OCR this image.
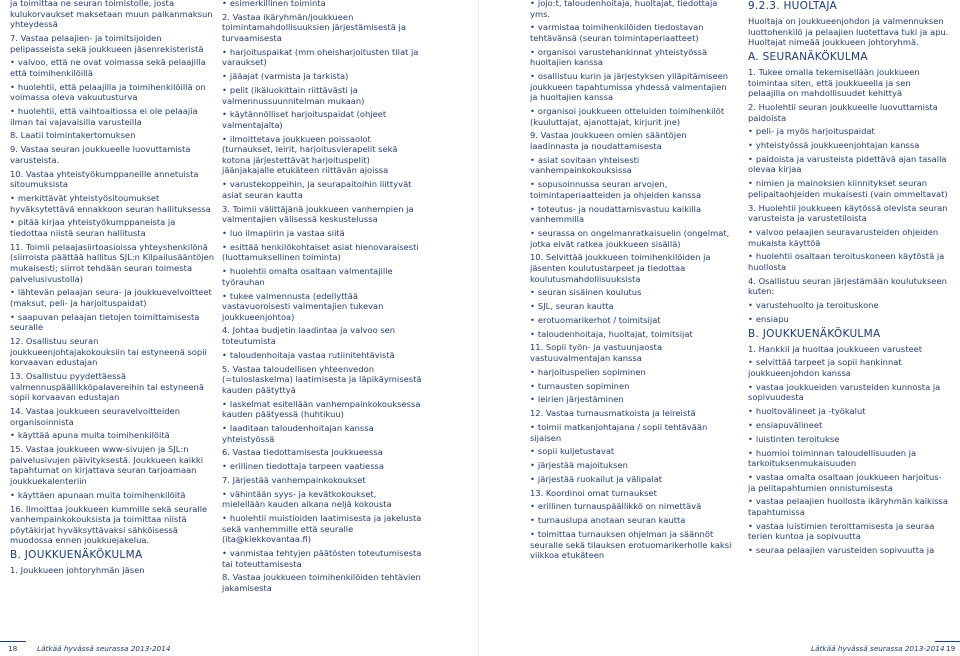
ja toimittaa ne seuran toimistolle, josta kulukorvaukset maksetaan muun palkanmaksun yhteydessä

7. Vastaa pelaajien- ja toimitsijoiden pelipasseista sekä joukkueen jäsenrekisteristä

• valvoo, että ne ovat voimassa sekä pelaajilla että toimihenkilöillä

• huolehtii, että pelaajilla ja toimihenkilöillä on voimassa oleva vakuutusturva

• huolehtii, että vaihtoaitiossa ei ole pelaajia ilman tai vajavaisilla varusteilla

8. Laatii toimintakertomuksen

9. Vastaa seuran joukkueelle luovuttamista varusteista.

10. Vastaa yhteistyökumppaneille annetuista sitoumuksista

• merkittävät yhteistyösitoumukset hyväksytettävä ennakkoon seuran hallituksessa

• pitää kirjaa yhteistyökumppaneista ja tiedottaa niistä seuran hallitusta

11. Toimii pelaajasiirtoasioissa yhteyshenkilönä (siirroista päättää hallitus SJL:n Kilpailusääntöjen mukaisesti; siirrot tehdään seuran toimesta palvelusivustolla)

• lähtevän pelaajan seura- ja joukkuevelvoitteet (maksut, peli- ja harjoituspaidat)

• saapuvan pelaajan tietojen toimittamisesta seuralle

12. Osallistuu seuran joukkueenjohtajakokouksiin tai estyneenä sopii korvaavan edustajan

13. Osallistuu pyydettäessä valmennuspäällikköpalavereihin tai estyneenä sopii korvaavan edustajan

14. Vastaa joukkueen seuravelvoitteiden organisoinnista

• käyttää apuna muita toimihenkilöitä

15. Vastaa joukkueen www-sivujen ja SJL:n palvelusivujen päivityksestä. Joukkueen kaikki tapahtumat on kirjattava seuran tarjoamaan joukkuekalenteriin

• käyttäen apunaan muita toimihenkilöitä

16. Ilmoittaa joukkueen kummille sekä seuralle vanhempainkokouksista ja toimittaa niistä pöytäkirjat hyväksyttävaksi sähköisessä muodossa ennen joukkuejakelua.

B. JOUKKUENÄKÖKULMA

1. Joukkueen johtoryhmän jäsen

• esimerkillinen toiminta

2. Vastaa ikäryhmän/joukkueen toimintamahdollisuuksien järjestämisestä ja turvaamisesta

• harjoituspaikat (mm oheisharjoitusten tilat ja varaukset)

• jääajat (varmista ja tarkista)

• pelit (ikäluokittain riittävästi ja valmennussuunnitelman mukaan)

• käytännölliset harjoituspaidat (ohjeet valmentajalta)

• ilmoittetava joukkueen poissaolot (turnaukset, leirit, harjoitusvierapelit sekä kotona järjestettävät harjoituspelit) jäänjakajalle etukäteen riittävän ajoissa

• varustekoppeihin, ja seurapaitoihin liittyvät asiat seuran kautta

3. Toimii välittäjänä joukkueen vanhempien ja valmentajien välisessä keskustelussa

• luo ilmapiirin ja vastaa siitä

• esittää henkilökohtaiset asiat hienovaraisesti (luottamuksellinen toiminta)

• huolehtii omalta osaltaan valmentajille työrauhan

• tukee valmennusta (edellyttää vastavuoroisesti valmentajien tukevan joukkueenjohtoa)

4. Johtaa budjetin laadintaa ja valvoo sen toteutumista

• taloudenhoitaja vastaa rutiinitehtävistä

5. Vastaa taloudellisen yhteenvedon (=tuloslaskelma) laatimisesta ja läpikäymisestä kauden päätyttyä

• laskelmat esitellään vanhempainkokouksessa kauden päätyessä (huhtikuu)

• laaditaan taloudenhoitajan kanssa yhteistyössä

6. Vastaa tiedottamisesta joukkueessa

• erillinen tiedottaja tarpeen vaatiessa

7. Järjestää vanhempainkokoukset

• vähintään syys- ja kevätkokoukset, mielellään kauden aikana neljä kokousta

• huolehtii muistioiden laatimisesta ja jakelusta sekä vanhemmille että seuralle (ita@kiekkovantaa.fi)

• vanmistaa tehtyjen päätösten toteutumisesta tai toteuttamisesta

8. Vastaa joukkueen toimihenkilöiden tehtävien jakamisesta

• jojo:t, taloudenhoitaja, huoltajat, tiedottaja yms.

• varmistaa toimihenkilöiden tiedostavan tehtävänsä (seuran toimintaperiaatteet)

• organisoi varustehankinnat yhteistyössä huoltajien kanssa

• osallistuu kurin ja järjestyksen ylläpitämiseen joukkueen tapahtumissa yhdessä valmentajien ja huoltajien kanssa

• organisoi joukkueen otteluiden toimihenkilöt (kuuluttajat, ajanottajat, kirjurit jne)

9. Vastaa joukkueen omien sääntöjen laadinnasta ja noudattamisesta

• asiat sovitaan yhteisesti vanhempainkokouksissa

• sopusoinnussa seuran arvojen, toimintaperiaatteiden ja ohjeiden kanssa

• toteutus- ja noudattamisvastuu kaikilla vanhemmilla

• seurassa on ongelmanratkaisuelin (ongelmat, jotka eivät ratkea joukkueen sisällä)

10. Selvittää joukkueen toimihenkilöiden ja jäsenten koulutustarpeet ja tiedottaa koulutusmahdollisuuksista

• seuran sisäinen koulutus

• SJL, seuran kautta

• erotuomarikerhot / toimitsijat

• taloudenhoitaja, huoltajat, toimitsijat

11. Sopii työn- ja vastuunjaosta vastuuvalmentajan kanssa

• harjoituspelien sopiminen

• turnausten sopiminen

• leirien järjestäminen

12. Vastaa turnausmatkoista ja leireistä

• toimii matkanjohtajana / sopii tehtävään sijaisen

• sopii kuljetustavat

• järjestää majoituksen

• järjestää ruokailut ja välipalat

13. Koordinoi omat turnaukset

• erillinen turnauspäällikkö on nimettävä

• turnauslupa anotaan seuran kautta

• toimittaa turnauksen ohjelman ja säännöt seuralle sekä tilauksen erotuomarikerholle kaksi viikkoa etukäteen

9.2.3. HUOLTAJA

Huoltaja on joukkueenjohdon ja valmennuksen luottohenkilö ja pelaajien luotettava tuki ja apu. Huoltajat nimeää joukkueen johtoryhmä.

A. SEURANÄKÖKULMA

1. Tukee omalla tekemisellään joukkueen toimintaa siten, että joukkueella ja sen pelaajilla on mahdollisuudet kehittyä

2. Huolehtii seuran joukkueelle luovuttamista paidoista

• peli- ja myös harjoituspaidat

• yhteistyössä joukkueenjohtajan kanssa

• paidoista ja varusteista pidettävä ajan tasalla olevaa kirjaa

• nimien ja mainoksien kiinnitykset seuran pelipaitaohjeiden mukaisesti (vain ommeltavat)

3. Huolehtii joukkueen käytössä olevista seuran varusteista ja varustetiloista

• valvoo pelaajien seuravarusteiden ohjeiden mukaista käyttöä

• huolehtii osaltaan teroituskoneen käytöstä ja huollosta

4. Osallistuu seuran järjestämään koulutukseen kuten:

• varustehuolto ja teroituskone

• ensiapu

B. JOUKKUENÄKÖKULMA

1. Hankkii ja huoltaa joukkueen varusteet

• selvittää tarpeet ja sopii hankinnat joukkueenjohdon kanssa

• vastaa joukkueiden varusteiden kunnosta ja sopivuudesta

• huoltovälineet ja -työkalut

• ensiapuvälineet

• luistinten teroitukse

• huomioi toiminnan taloudellisuuden ja tarkoituksenmukaisuuden

• vastaa omalta osaltaan joukkueen harjoitus- ja pelitapahtumien onnistumisesta

• vastaa pelaajien huollosta ikäryhmän kaikissa tapahtumissa

• vastaa luistimien teroittamisesta ja seuraa terien kuntoa ja sopivuutta

• seuraa pelaajien varusteiden sopivuutta ja

18	Lätkää hyvässä seurassa 2013-2014	Lätkää hyvässä seurassa 2013-2014 19
